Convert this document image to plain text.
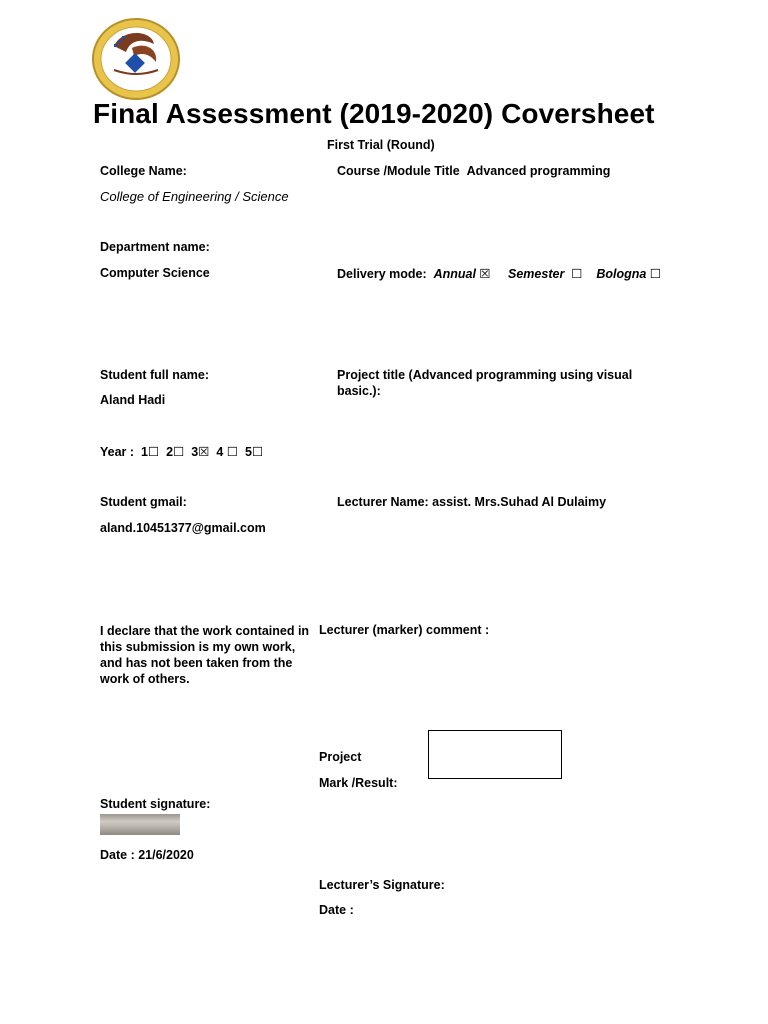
Final Assessment (2019-2020) Coversheet
First Trial (Round)
College Name:	Course /Module Title Advanced programming
College of Engineering / Science
Department name:
Computer Science	Delivery mode: Annual ☒ Semester ☐ Bologna ☐
Student full name:
Aland Hadi
Project title (Advanced programming using visual
basic.):
Year : 1☐ 2☐ 3☒ 4 ☐ 5☐
Student gmail:
aland.10451377@gmail.com
Lecturer Name: assist. Mrs.Suhad Al Dulaimy
I declare that the work contained in this submission is my own work, and has not been taken from the work of others.
Lecturer (marker) comment :
Project
Mark /Result:
Student signature:
Date : 21/6/2020
Lecturer’s Signature:
Date :
